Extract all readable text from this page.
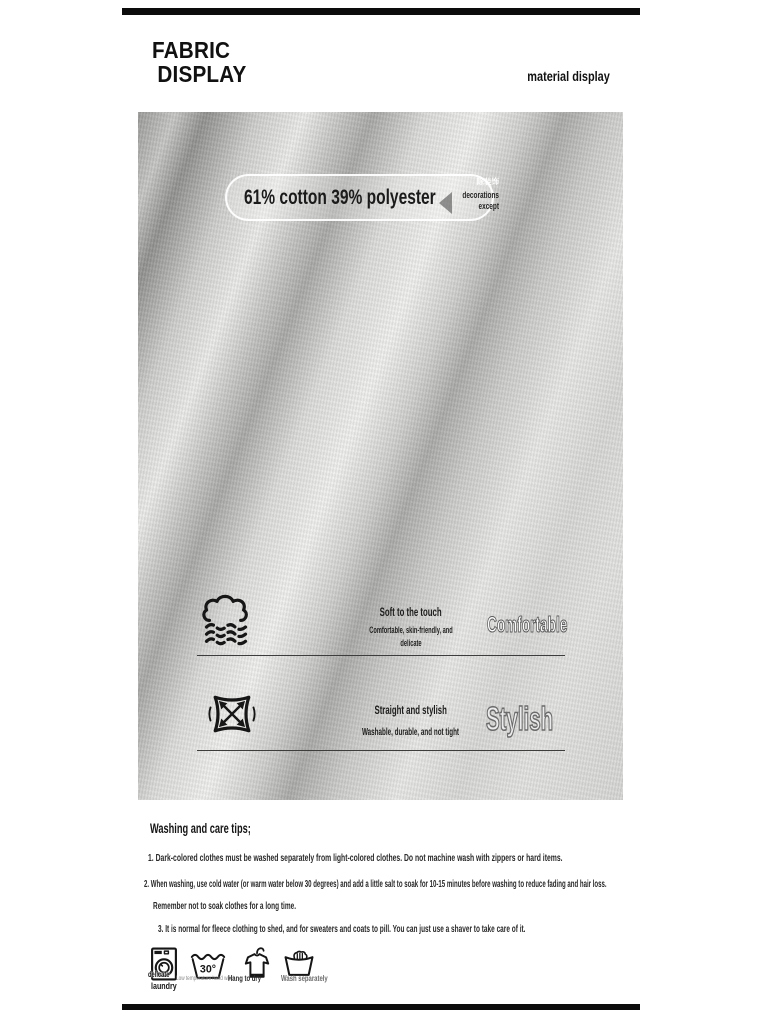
FABRIC
DISPLAY	material display
61% cotton 39% polyester
除装饰
decorations
except
Soft to the touch
Comfortable, skin-friendly, and
delicate
Comfortable
Straight and stylish
Washable, durable, and not tight Stylish
Washing and care tips;

1. Dark-colored clothes must be washed separately from light-colored clothes. Do not machine wash with zippers or hard items.

2. When washing, use cold water (or warm water below 30 degrees) and add a little salt to soak for 10-15 minutes before washing to reduce fading and hair loss.

Remember not to soak clothes for a long time.

3. It is normal for fleece clothing to shed, and for sweaters and coats to pill. You can just use a shaver to take care of it.

delicate
laundry
30°
Low temperature hand wash
Hang to dry Wash separately
